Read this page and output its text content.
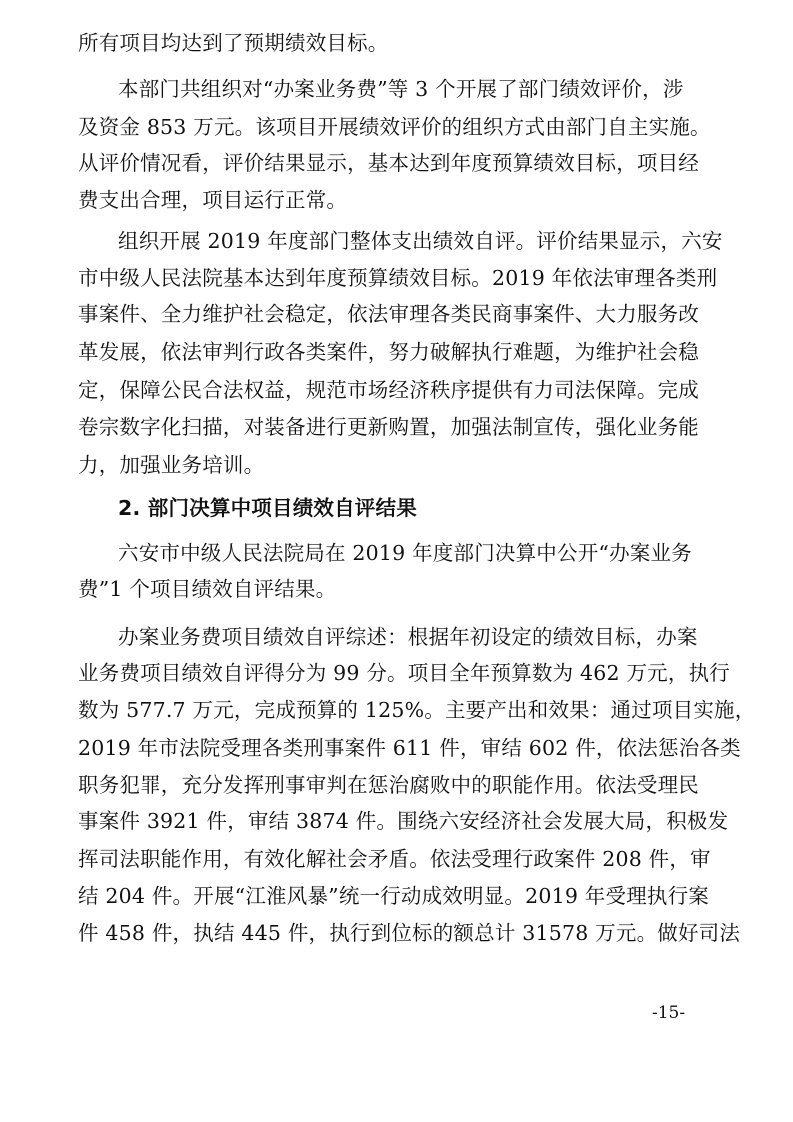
所有项目均达到了预期绩效目标。
本部门共组织对“办案业务费”等 3 个开展了部门绩效评价，涉
及资金 853 万元。该项目开展绩效评价的组织方式由部门自主实施。
从评价情况看，评价结果显示，基本达到年度预算绩效目标，项目经
费支出合理，项目运行正常。
组织开展 2019 年度部门整体支出绩效自评。评价结果显示，六安
市中级人民法院基本达到年度预算绩效目标。2019 年依法审理各类刑
事案件、全力维护社会稳定，依法审理各类民商事案件、大力服务改
革发展，依法审判行政各类案件，努力破解执行难题，为维护社会稳
定，保障公民合法权益，规范市场经济秩序提供有力司法保障。完成
卷宗数字化扫描，对装备进行更新购置，加强法制宣传，强化业务能
力，加强业务培训。
2. 部门决算中项目绩效自评结果
六安市中级人民法院局在 2019 年度部门决算中公开“办案业务
费”1 个项目绩效自评结果。
办案业务费项目绩效自评综述：根据年初设定的绩效目标，办案
业务费项目绩效自评得分为 99 分。项目全年预算数为 462 万元，执行
数为 577.7 万元，完成预算的 125%。主要产出和效果：通过项目实施，
2019 年市法院受理各类刑事案件 611 件，审结 602 件，依法惩治各类
职务犯罪，充分发挥刑事审判在惩治腐败中的职能作用。依法受理民
事案件 3921 件，审结 3874 件。围绕六安经济社会发展大局，积极发
挥司法职能作用，有效化解社会矛盾。依法受理行政案件 208 件，审
结 204 件。开展“江淮风暴”统一行动成效明显。2019 年受理执行案
件 458 件，执结 445 件，执行到位标的额总计 31578 万元。做好司法
-15-
